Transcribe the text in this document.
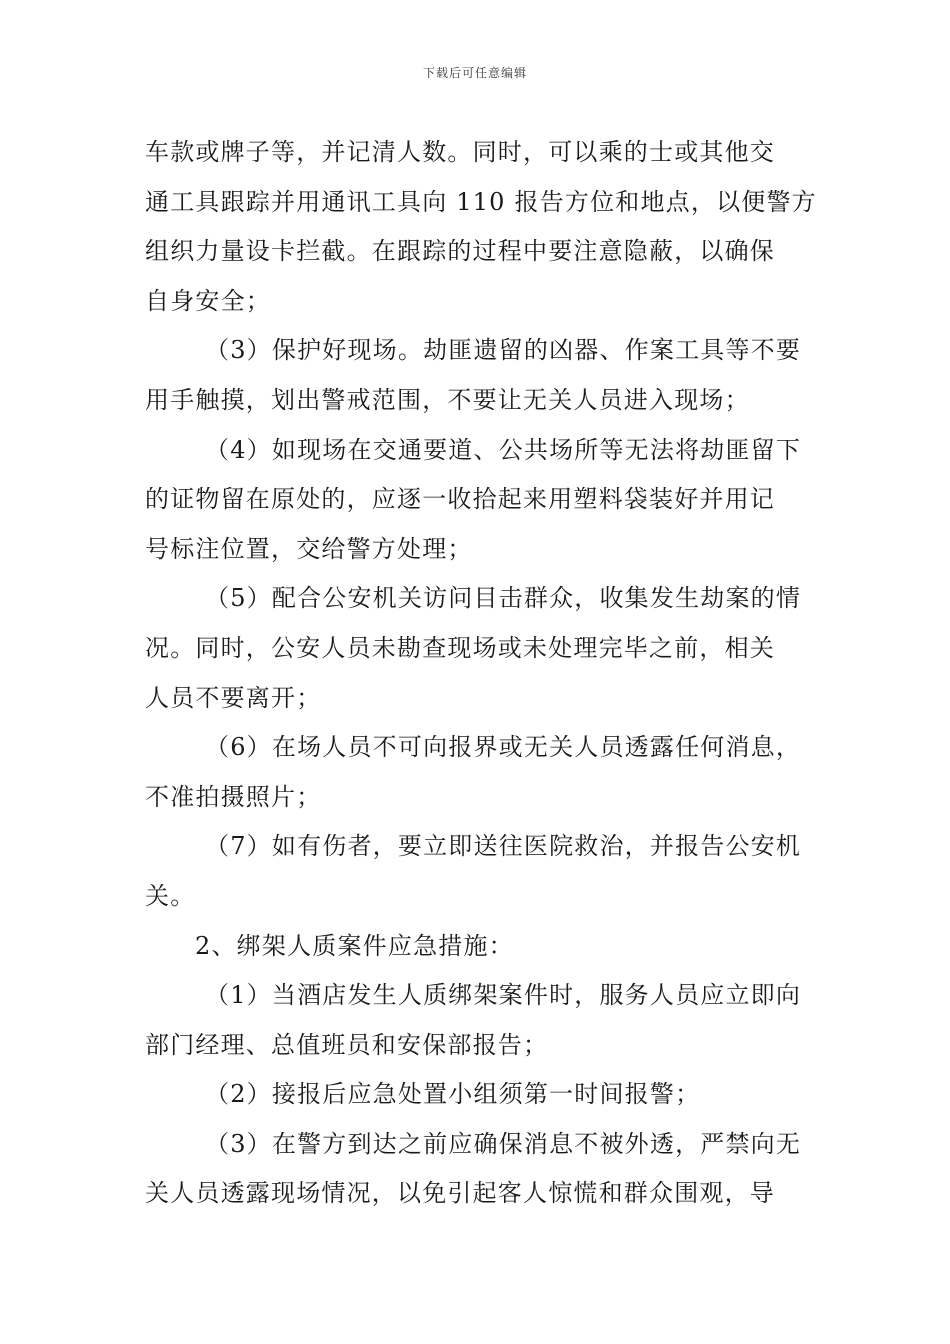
下载后可任意编辑
车款或牌子等，并记清人数。同时，可以乘的士或其他交
通工具跟踪并用通讯工具向 110 报告方位和地点，以便警方
组织力量设卡拦截。在跟踪的过程中要注意隐蔽，以确保
自身安全；
（3）保护好现场。劫匪遗留的凶器、作案工具等不要
用手触摸，划出警戒范围，不要让无关人员进入现场；
（4）如现场在交通要道、公共场所等无法将劫匪留下
的证物留在原处的，应逐一收拾起来用塑料袋装好并用记
号标注位置，交给警方处理；
（5）配合公安机关访问目击群众，收集发生劫案的情
况。同时，公安人员未勘查现场或未处理完毕之前，相关
人员不要离开；
（6）在场人员不可向报界或无关人员透露任何消息，
不准拍摄照片；
（7）如有伤者，要立即送往医院救治，并报告公安机
关。
2、绑架人质案件应急措施：
（1）当酒店发生人质绑架案件时，服务人员应立即向
部门经理、总值班员和安保部报告；
（2）接报后应急处置小组须第一时间报警；
（3）在警方到达之前应确保消息不被外透，严禁向无
关人员透露现场情况，以免引起客人惊慌和群众围观，导
